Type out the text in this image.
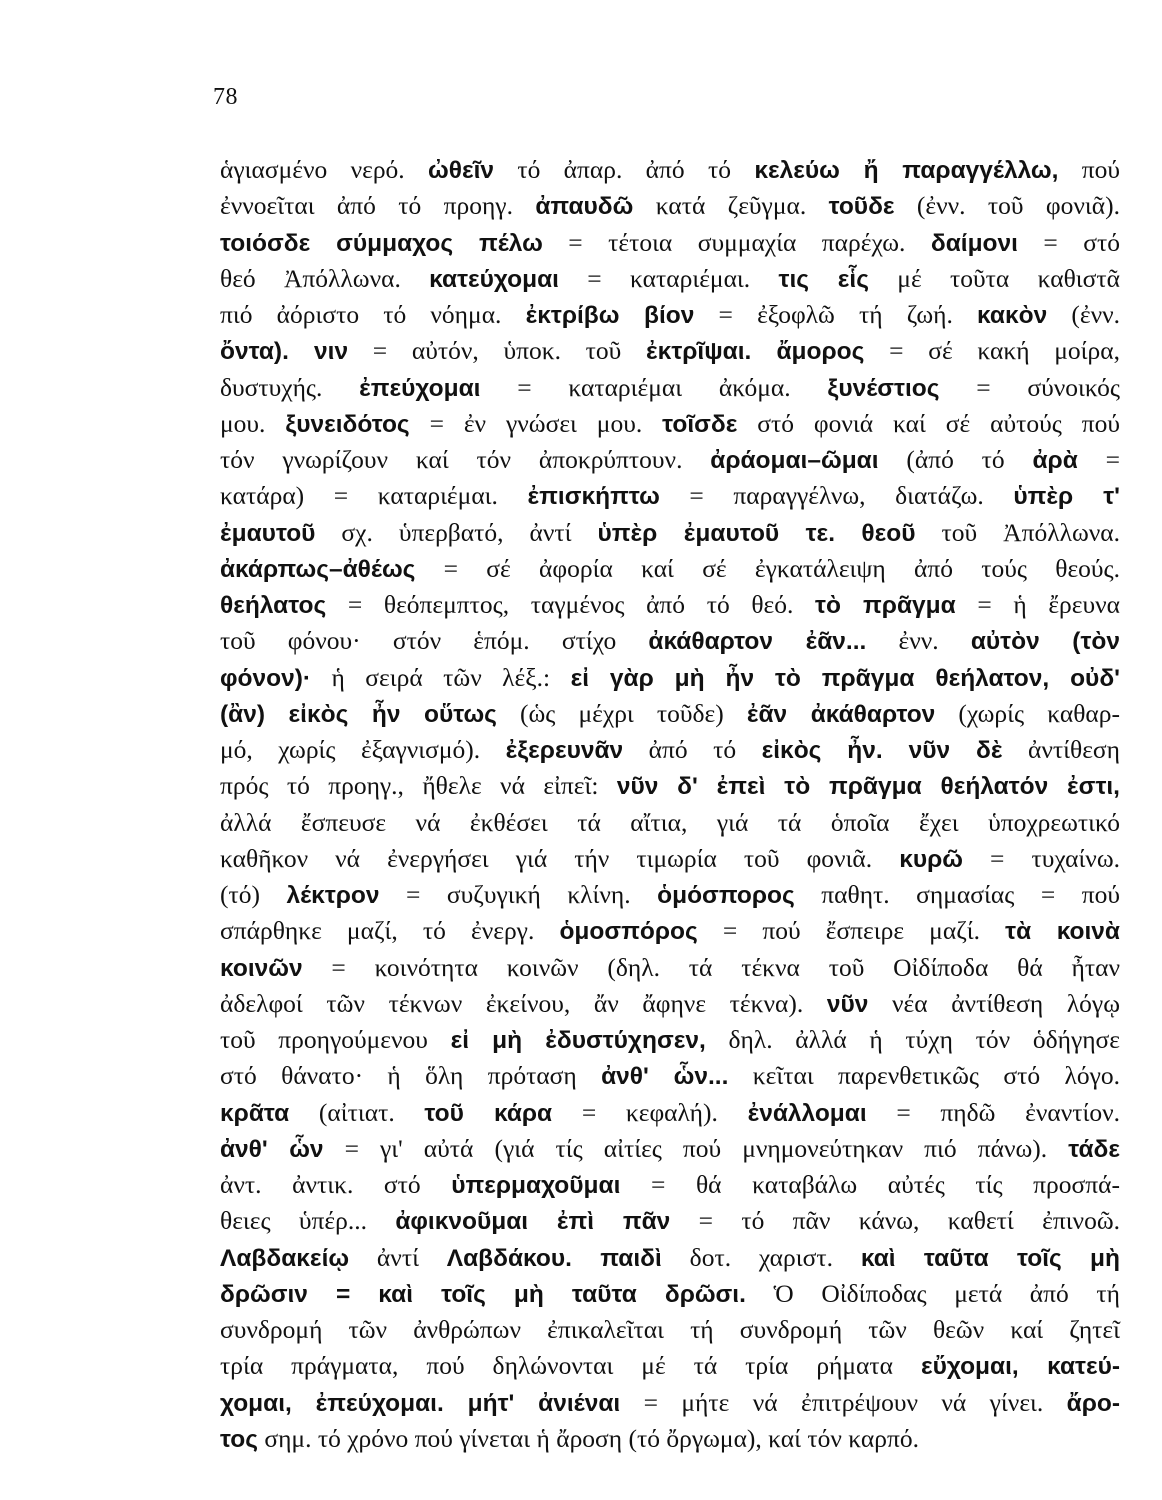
78
ἁγιασμένο νερό. ὠθεῖν τό ἀπαρ. ἀπό τό κελεύω ἤ παραγγέλλω, πού
ἐννοεῖται ἀπό τό προηγ. ἀπαυδῶ κατά ζεῦγμα. τοῦδε (ἐνν. τοῦ φονιᾶ).
τοιόσδε σύμμαχος πέλω = τέτοια συμμαχία παρέχω. δαίμονι = στό
θεό Ἀπόλλωνα. κατεύχομαι = καταριέμαι. τις εἷς μέ τοῦτα καθιστᾶ
πιό ἀόριστο τό νόημα. ἐκτρίβω βίον = ἐξοφλῶ τή ζωή. κακὸν (ἐνν.
ὄντα). νιν = αὐτόν, ὑποκ. τοῦ ἐκτρῖψαι. ἄμορος = σέ κακή μοίρα,
δυστυχής. ἐπεύχομαι = καταριέμαι ἀκόμα. ξυνέστιος = σύνοικός
μου. ξυνειδότος = ἐν γνώσει μου. τοῖσδε στό φονιά καί σέ αὐτούς πού
τόν γνωρίζουν καί τόν ἀποκρύπτουν. ἀράομαι–ῶμαι (ἀπό τό ἀρὰ =
κατάρα) = καταριέμαι. ἐπισκήπτω = παραγγέλνω, διατάζω. ὑπὲρ τ'
ἐμαυτοῦ σχ. ὑπερβατό, ἀντί ὑπὲρ ἐμαυτοῦ τε. θεοῦ τοῦ Ἀπόλλωνα.
ἀκάρπως–ἀθέως = σέ ἀφορία καί σέ ἐγκατάλειψη ἀπό τούς θεούς.
θεήλατος = θεόπεμπτος, ταγμένος ἀπό τό θεό. τὸ πρᾶγμα = ἡ ἔρευνα
τοῦ φόνου· στόν ἑπόμ. στίχο ἀκάθαρτον ἐᾶν... ἐνν. αὐτὸν (τὸν
φόνον)· ἡ σειρά τῶν λέξ.: εἰ γὰρ μὴ ἦν τὸ πρᾶγμα θεήλατον, οὐδ'
(ἂν) εἰκὸς ἦν οὕτως (ὡς μέχρι τοῦδε) ἐᾶν ἀκάθαρτον (χωρίς καθαρ-
μό, χωρίς ἐξαγνισμό). ἐξερευνᾶν ἀπό τό εἰκὸς ἦν. νῦν δὲ ἀντίθεση
πρός τό προηγ., ἤθελε νά εἰπεῖ: νῦν δ' ἐπεὶ τὸ πρᾶγμα θεήλατόν ἐστι,
ἀλλά ἔσπευσε νά ἐκθέσει τά αἴτια, γιά τά ὁποῖα ἔχει ὑποχρεωτικό
καθῆκον νά ἐνεργήσει γιά τήν τιμωρία τοῦ φονιᾶ. κυρῶ = τυχαίνω.
(τό) λέκτρον = συζυγική κλίνη. ὁμόσπορος παθητ. σημασίας = πού
σπάρθηκε μαζί, τό ἐνεργ. ὁμοσπόρος = πού ἔσπειρε μαζί. τὰ κοινὰ
κοινῶν = κοινότητα κοινῶν (δηλ. τά τέκνα τοῦ Οἰδίποδα θά ἦταν
ἀδελφοί τῶν τέκνων ἐκείνου, ἄν ἄφηνε τέκνα). νῦν νέα ἀντίθεση λόγῳ
τοῦ προηγούμενου εἰ μὴ ἐδυστύχησεν, δηλ. ἀλλά ἡ τύχη τόν ὁδήγησε
στό θάνατο· ἡ ὅλη πρόταση ἀνθ' ὧν... κεῖται παρενθετικῶς στό λόγο.
κρᾶτα (αἰτιατ. τοῦ κάρα = κεφαλή). ἐνάλλομαι = πηδῶ ἐναντίον.
ἀνθ' ὧν = γι' αὐτά (γιά τίς αἰτίες πού μνημονεύτηκαν πιό πάνω). τάδε
ἀντ. ἀντικ. στό ὑπερμαχοῦμαι = θά καταβάλω αὐτές τίς προσπά-
θειες ὑπέρ... ἀφικνοῦμαι ἐπὶ πᾶν = τό πᾶν κάνω, καθετί ἐπινοῶ.
Λαβδακείῳ ἀντί Λαβδάκου. παιδὶ δοτ. χαριστ. καὶ ταῦτα τοῖς μὴ
δρῶσιν = καὶ τοῖς μὴ ταῦτα δρῶσι. Ὁ Οἰδίποδας μετά ἀπό τή
συνδρομή τῶν ἀνθρώπων ἐπικαλεῖται τή συνδρομή τῶν θεῶν καί ζητεῖ
τρία πράγματα, πού δηλώνονται μέ τά τρία ρήματα εὔχομαι, κατεύ-
χομαι, ἐπεύχομαι. μήτ' ἀνιέναι = μήτε νά ἐπιτρέψουν νά γίνει. ἄρο-
τος σημ. τό χρόνο πού γίνεται ἡ ἄροση (τό ὄργωμα), καί τόν καρπό.
